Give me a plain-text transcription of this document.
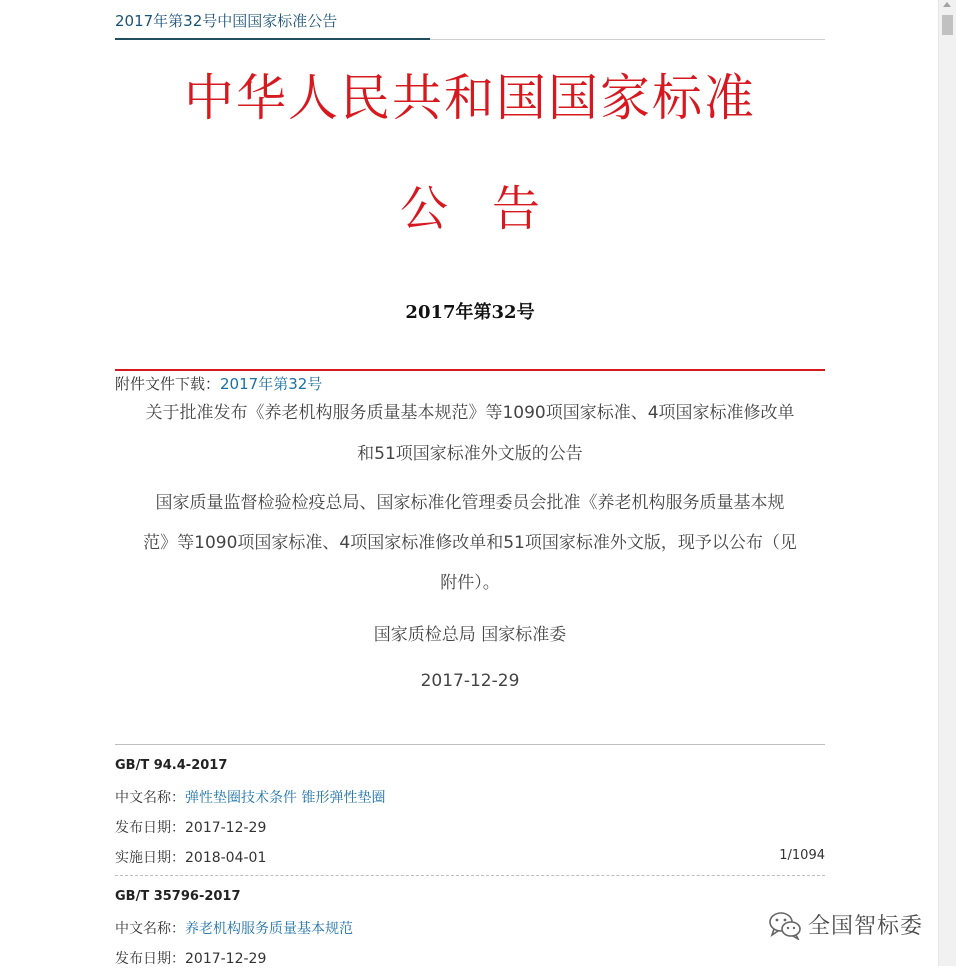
2017年第32号中国国家标准公告
中华人民共和国国家标准
公告
2017年第32号
附件文件下载：2017年第32号
关于批准发布《养老机构服务质量基本规范》等1090项国家标准、4项国家标准修改单
和51项国家标准外文版的公告
国家质量监督检验检疫总局、国家标准化管理委员会批准《养老机构服务质量基本规
范》等1090项国家标准、4项国家标准修改单和51项国家标准外文版，现予以公布（见
附件）。
国家质检总局 国家标准委
2017-12-29
GB/T 94.4-2017
中文名称：弹性垫圈技术条件 锥形弹性垫圈
发布日期：2017-12-29
实施日期：2018-04-01	1/1094
GB/T 35796-2017
中文名称：养老机构服务质量基本规范
发布日期：2017-12-29
全国智标委
